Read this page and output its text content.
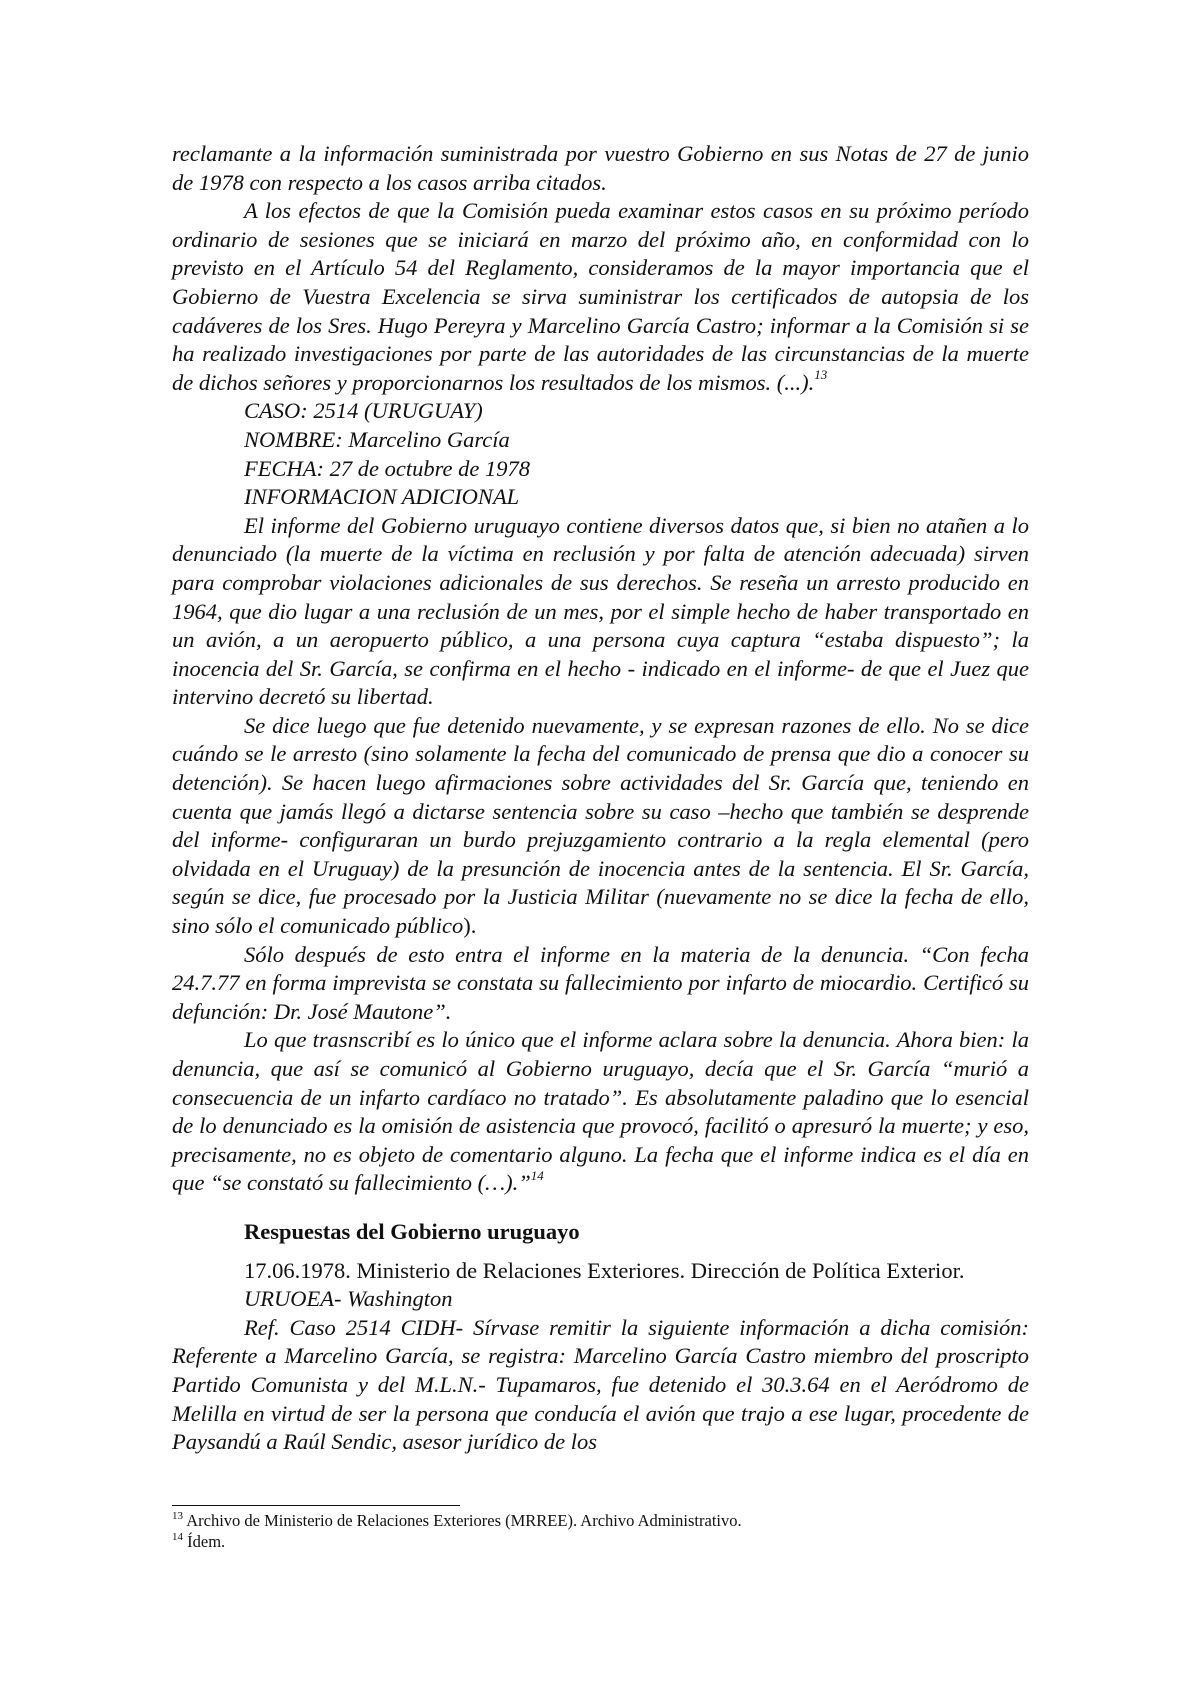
reclamante a la información suministrada por vuestro Gobierno en sus Notas de 27 de junio de 1978 con respecto a los casos arriba citados.

A los efectos de que la Comisión pueda examinar estos casos en su próximo período ordinario de sesiones que se iniciará en marzo del próximo año, en conformidad con lo previsto en el Artículo 54 del Reglamento, consideramos de la mayor importancia que el Gobierno de Vuestra Excelencia se sirva suministrar los certificados de autopsia de los cadáveres de los Sres. Hugo Pereyra y Marcelino García Castro; informar a la Comisión si se ha realizado investigaciones por parte de las autoridades de las circunstancias de la muerte de dichos señores y proporcionarnos los resultados de los mismos. (...).$^{13}$

CASO: 2514 (URUGUAY)

NOMBRE: Marcelino García

FECHA: 27 de octubre de 1978

INFORMACION ADICIONAL

El informe del Gobierno uruguayo contiene diversos datos que, si bien no atañen a lo denunciado (la muerte de la víctima en reclusión y por falta de atención adecuada) sirven para comprobar violaciones adicionales de sus derechos. Se reseña un arresto producido en 1964, que dio lugar a una reclusión de un mes, por el simple hecho de haber transportado en un avión, a un aeropuerto público, a una persona cuya captura “estaba dispuesto”; la inocencia del Sr. García, se confirma en el hecho - indicado en el informe- de que el Juez que intervino decretó su libertad.

Se dice luego que fue detenido nuevamente, y se expresan razones de ello. No se dice cuándo se le arresto (sino solamente la fecha del comunicado de prensa que dio a conocer su detención). Se hacen luego afirmaciones sobre actividades del Sr. García que, teniendo en cuenta que jamás llegó a dictarse sentencia sobre su caso –hecho que también se desprende del informe- configuraran un burdo prejuzgamiento contrario a la regla elemental (pero olvidada en el Uruguay) de la presunción de inocencia antes de la sentencia. El Sr. García, según se dice, fue procesado por la Justicia Militar (nuevamente no se dice la fecha de ello, sino sólo el comunicado público).

Sólo después de esto entra el informe en la materia de la denuncia. “Con fecha 24.7.77 en forma imprevista se constata su fallecimiento por infarto de miocardio. Certificó su defunción: Dr. José Mautone”.

Lo que trasnscribí es lo único que el informe aclara sobre la denuncia. Ahora bien: la denuncia, que así se comunicó al Gobierno uruguayo, decía que el Sr. García “murió a consecuencia de un infarto cardíaco no tratado”. Es absolutamente paladino que lo esencial de lo denunciado es la omisión de asistencia que provocó, facilitó o apresuró la muerte; y eso, precisamente, no es objeto de comentario alguno. La fecha que el informe indica es el día en que “se constató su fallecimiento (…).”$^{14}$

Respuestas del Gobierno uruguayo

17.06.1978. Ministerio de Relaciones Exteriores. Dirección de Política Exterior.

URUOEA- Washington

Ref. Caso 2514 CIDH- Sírvase remitir la siguiente información a dicha comisión: Referente a Marcelino García, se registra: Marcelino García Castro miembro del proscripto Partido Comunista y del M.L.N.- Tupamaros, fue detenido el 30.3.64 en el Aeródromo de Melilla en virtud de ser la persona que conducía el avión que trajo a ese lugar, procedente de Paysandú a Raúl Sendic, asesor jurídico de los

$^{13}$ Archivo de Ministerio de Relaciones Exteriores (MRREE). Archivo Administrativo.

$^{14}$ Ídem.
